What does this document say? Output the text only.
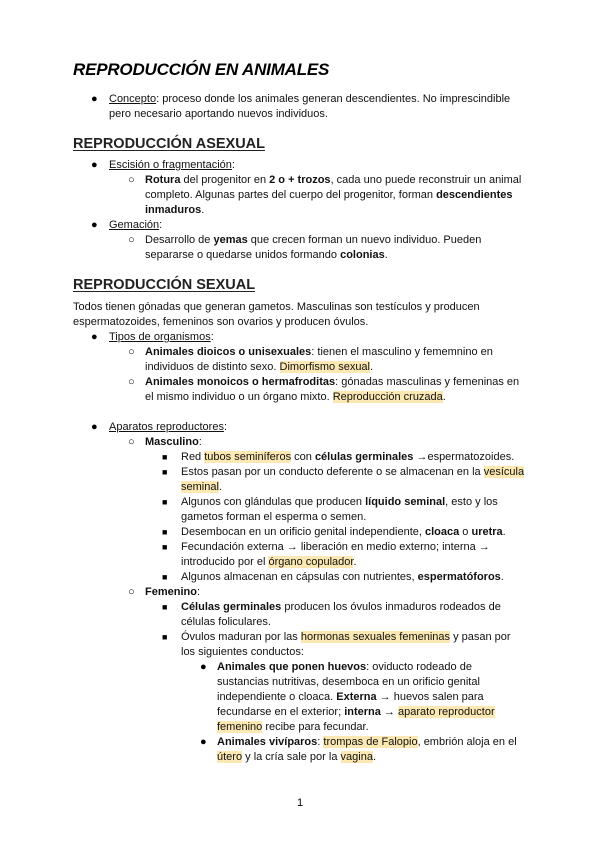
REPRODUCCIÓN EN ANIMALES
● Concepto: proceso donde los animales generan descendientes. No imprescindible
pero necesario aportando nuevos individuos.
REPRODUCCIÓN ASEXUAL
● Escisión o fragmentación:
○ Rotura del progenitor en 2 o + trozos, cada uno puede reconstruir un animal
completo. Algunas partes del cuerpo del progenitor, forman descendientes
inmaduros.
● Gemación:
○ Desarrollo de yemas que crecen forman un nuevo individuo. Pueden
separarse o quedarse unidos formando colonias.
REPRODUCCIÓN SEXUAL
Todos tienen gónadas que generan gametos. Masculinas son testículos y producen
espermatozoides, femeninos son ovarios y producen óvulos.
● Tipos de organismos:
○ Animales dioicos o unisexuales: tienen el masculino y fememnino en
individuos de distinto sexo. Dimorfismo sexual.
○ Animales monoicos o hermafroditas: gónadas masculinas y femeninas en
el mismo individuo o un órgano mixto. Reproducción cruzada.
● Aparatos reproductores:
○ Masculino:
■ Red tubos seminíferos con células germinales →espermatozoides.
■ Estos pasan por un conducto deferente o se almacenan en la vesícula
seminal.
■ Algunos con glándulas que producen líquido seminal, esto y los
gametos forman el esperma o semen.
■ Desembocan en un orificio genital independiente, cloaca o uretra.
■ Fecundación externa → liberación en medio externo; interna →
introducido por el órgano copulador.
■ Algunos almacenan en cápsulas con nutrientes, espermatóforos.
○ Femenino:
■ Células germinales producen los óvulos inmaduros rodeados de
células foliculares.
■ Óvulos maduran por las hormonas sexuales femeninas y pasan por
los siguientes conductos:
● Animales que ponen huevos: oviducto rodeado de
sustancias nutritivas, desemboca en un orificio genital
independiente o cloaca. Externa → huevos salen para
fecundarse en el exterior; interna → aparato reproductor
femenino recibe para fecundar.
● Animales vivíparos: trompas de Falopio, embrión aloja en el
útero y la cría sale por la vagina.
1
